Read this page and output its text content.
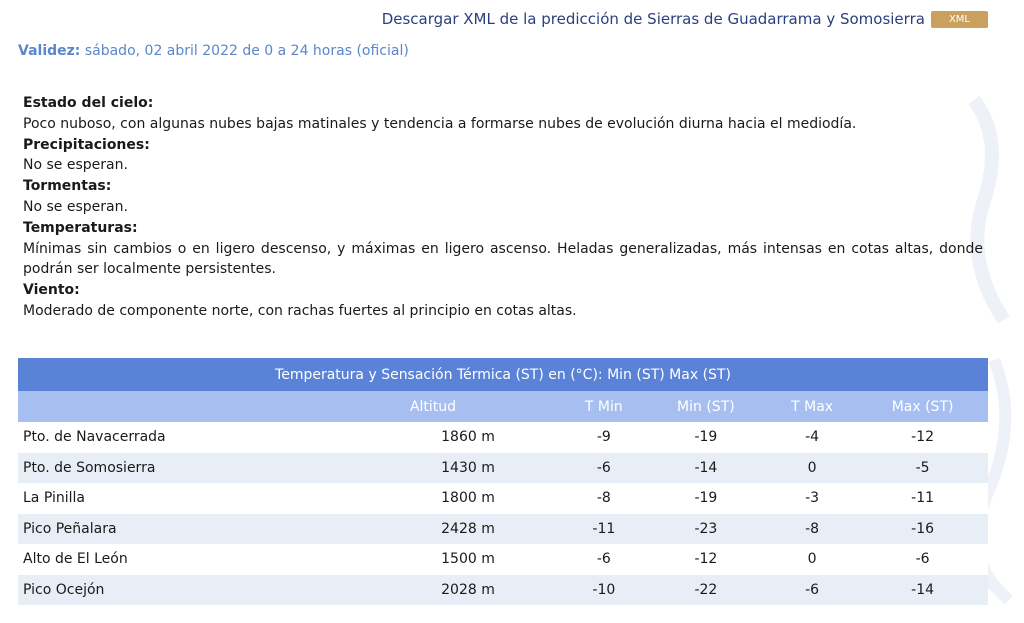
Descargar XML de la predicción de Sierras de Guadarrama y Somosierra	XML
Validez: sábado, 02 abril 2022 de 0 a 24 horas (oficial)
Estado del cielo:
Poco nuboso, con algunas nubes bajas matinales y tendencia a formarse nubes de evolución diurna hacia el mediodía.
Precipitaciones:
No se esperan.
Tormentas:
No se esperan.
Temperaturas:
Mínimas sin cambios o en ligero descenso, y máximas en ligero ascenso. Heladas generalizadas, más intensas en cotas altas, donde podrán ser localmente persistentes.
Viento:
Moderado de componente norte, con rachas fuertes al principio en cotas altas.
Temperatura y Sensación Térmica (ST) en (°C): Min (ST) Max (ST)					
	Altitud	T Min	Min (ST)	T Max	Max (ST)
Pto. de Navacerrada	1860 m	-9	-19	-4	-12
Pto. de Somosierra	1430 m	-6	-14	0	-5
La Pinilla	1800 m	-8	-19	-3	-11
Pico Peñalara	2428 m	-11	-23	-8	-16
Alto de El León	1500 m	-6	-12	0	-6
Pico Ocejón	2028 m	-10	-22	-6	-14
